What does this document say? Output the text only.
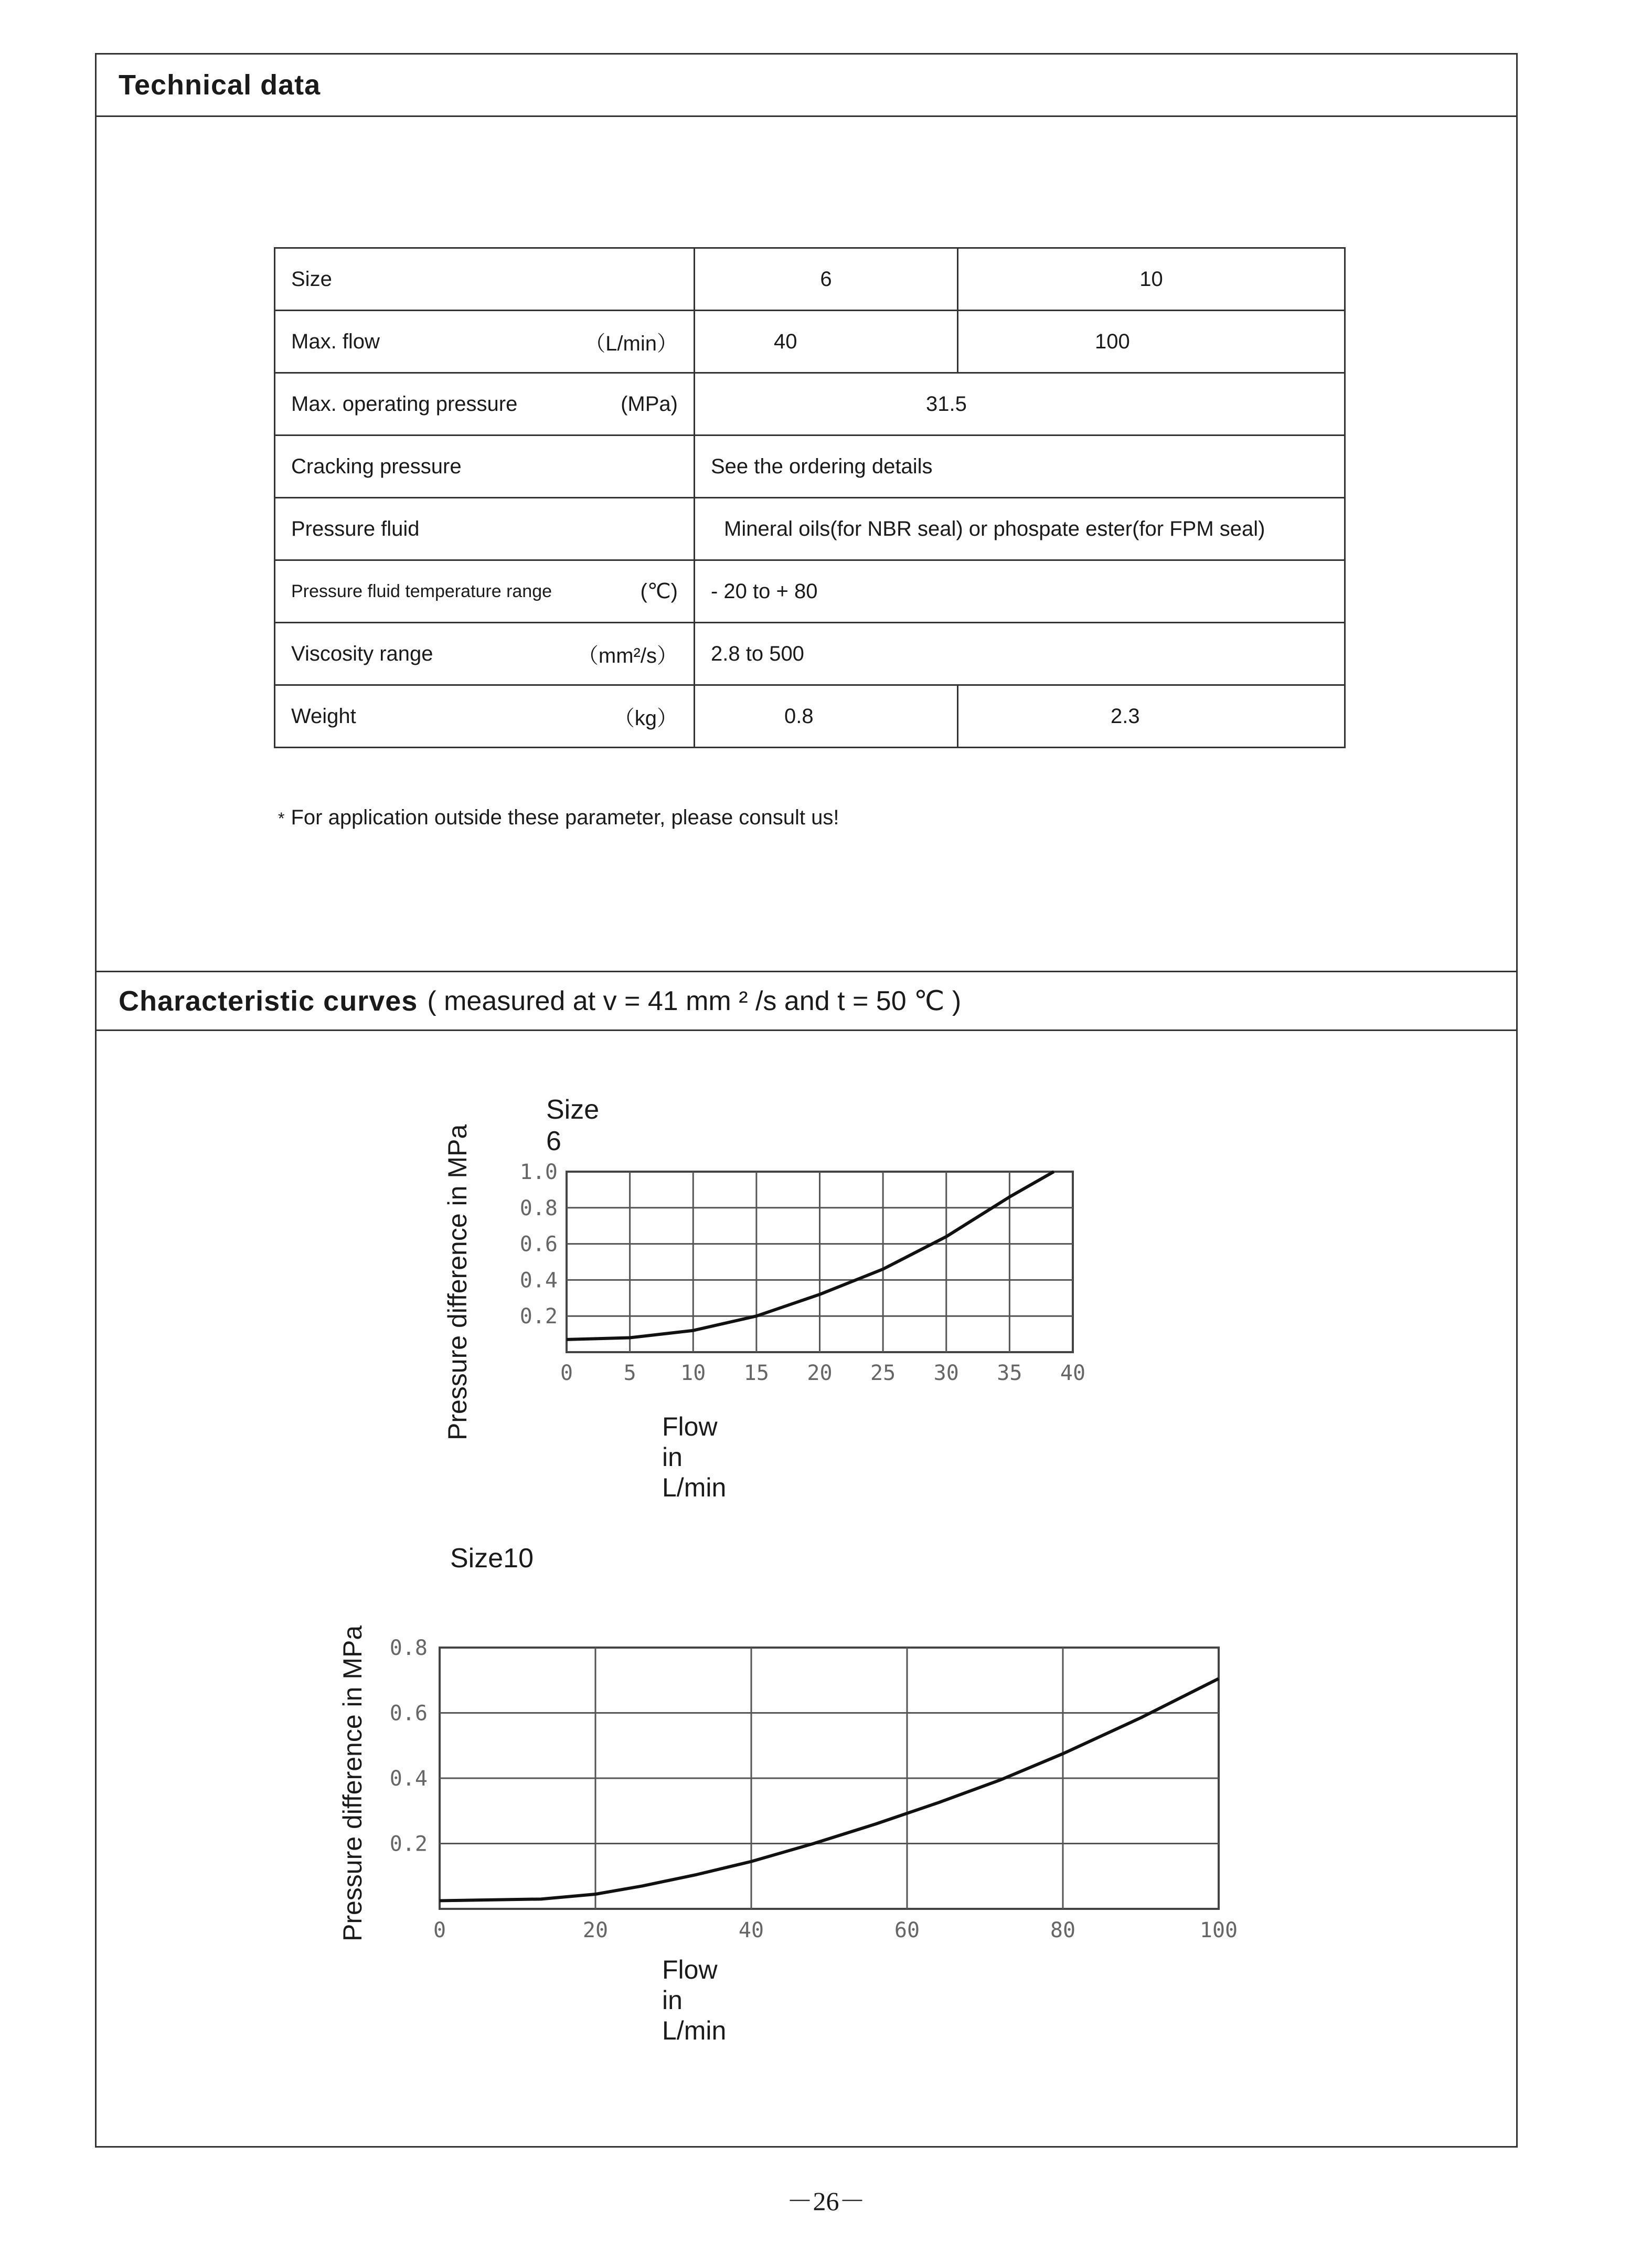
Technical data
Characteristic curves ( measured at v = 41 mm ² /s and t = 50 ℃ )
Size	6	10

Max. flow （L/min）	40	100

Max. operating pressure (MPa)	31.5	

Cracking pressure	See the ordering details	

Pressure fluid	Mineral oils(for NBR seal) or phospate ester(for FPM seal)	

Pressure fluid temperature range (℃)	- 20 to + 80	

Viscosity range （mm²/s）	2.8 to 500	

Weight （kg）	0.8	2.3
* For application outside these parameter, please consult us!
Size 6
Pressure difference in MPa	Flow in L/min
0 5 10 15 20 25 30 35 40
0.2
0.4
0.6
0.8
1.0
Size10
Pressure difference in MPa
Flow in L/min
0	20	40	60	80	100
0.2
0.4
0.6
0.8
－26－
